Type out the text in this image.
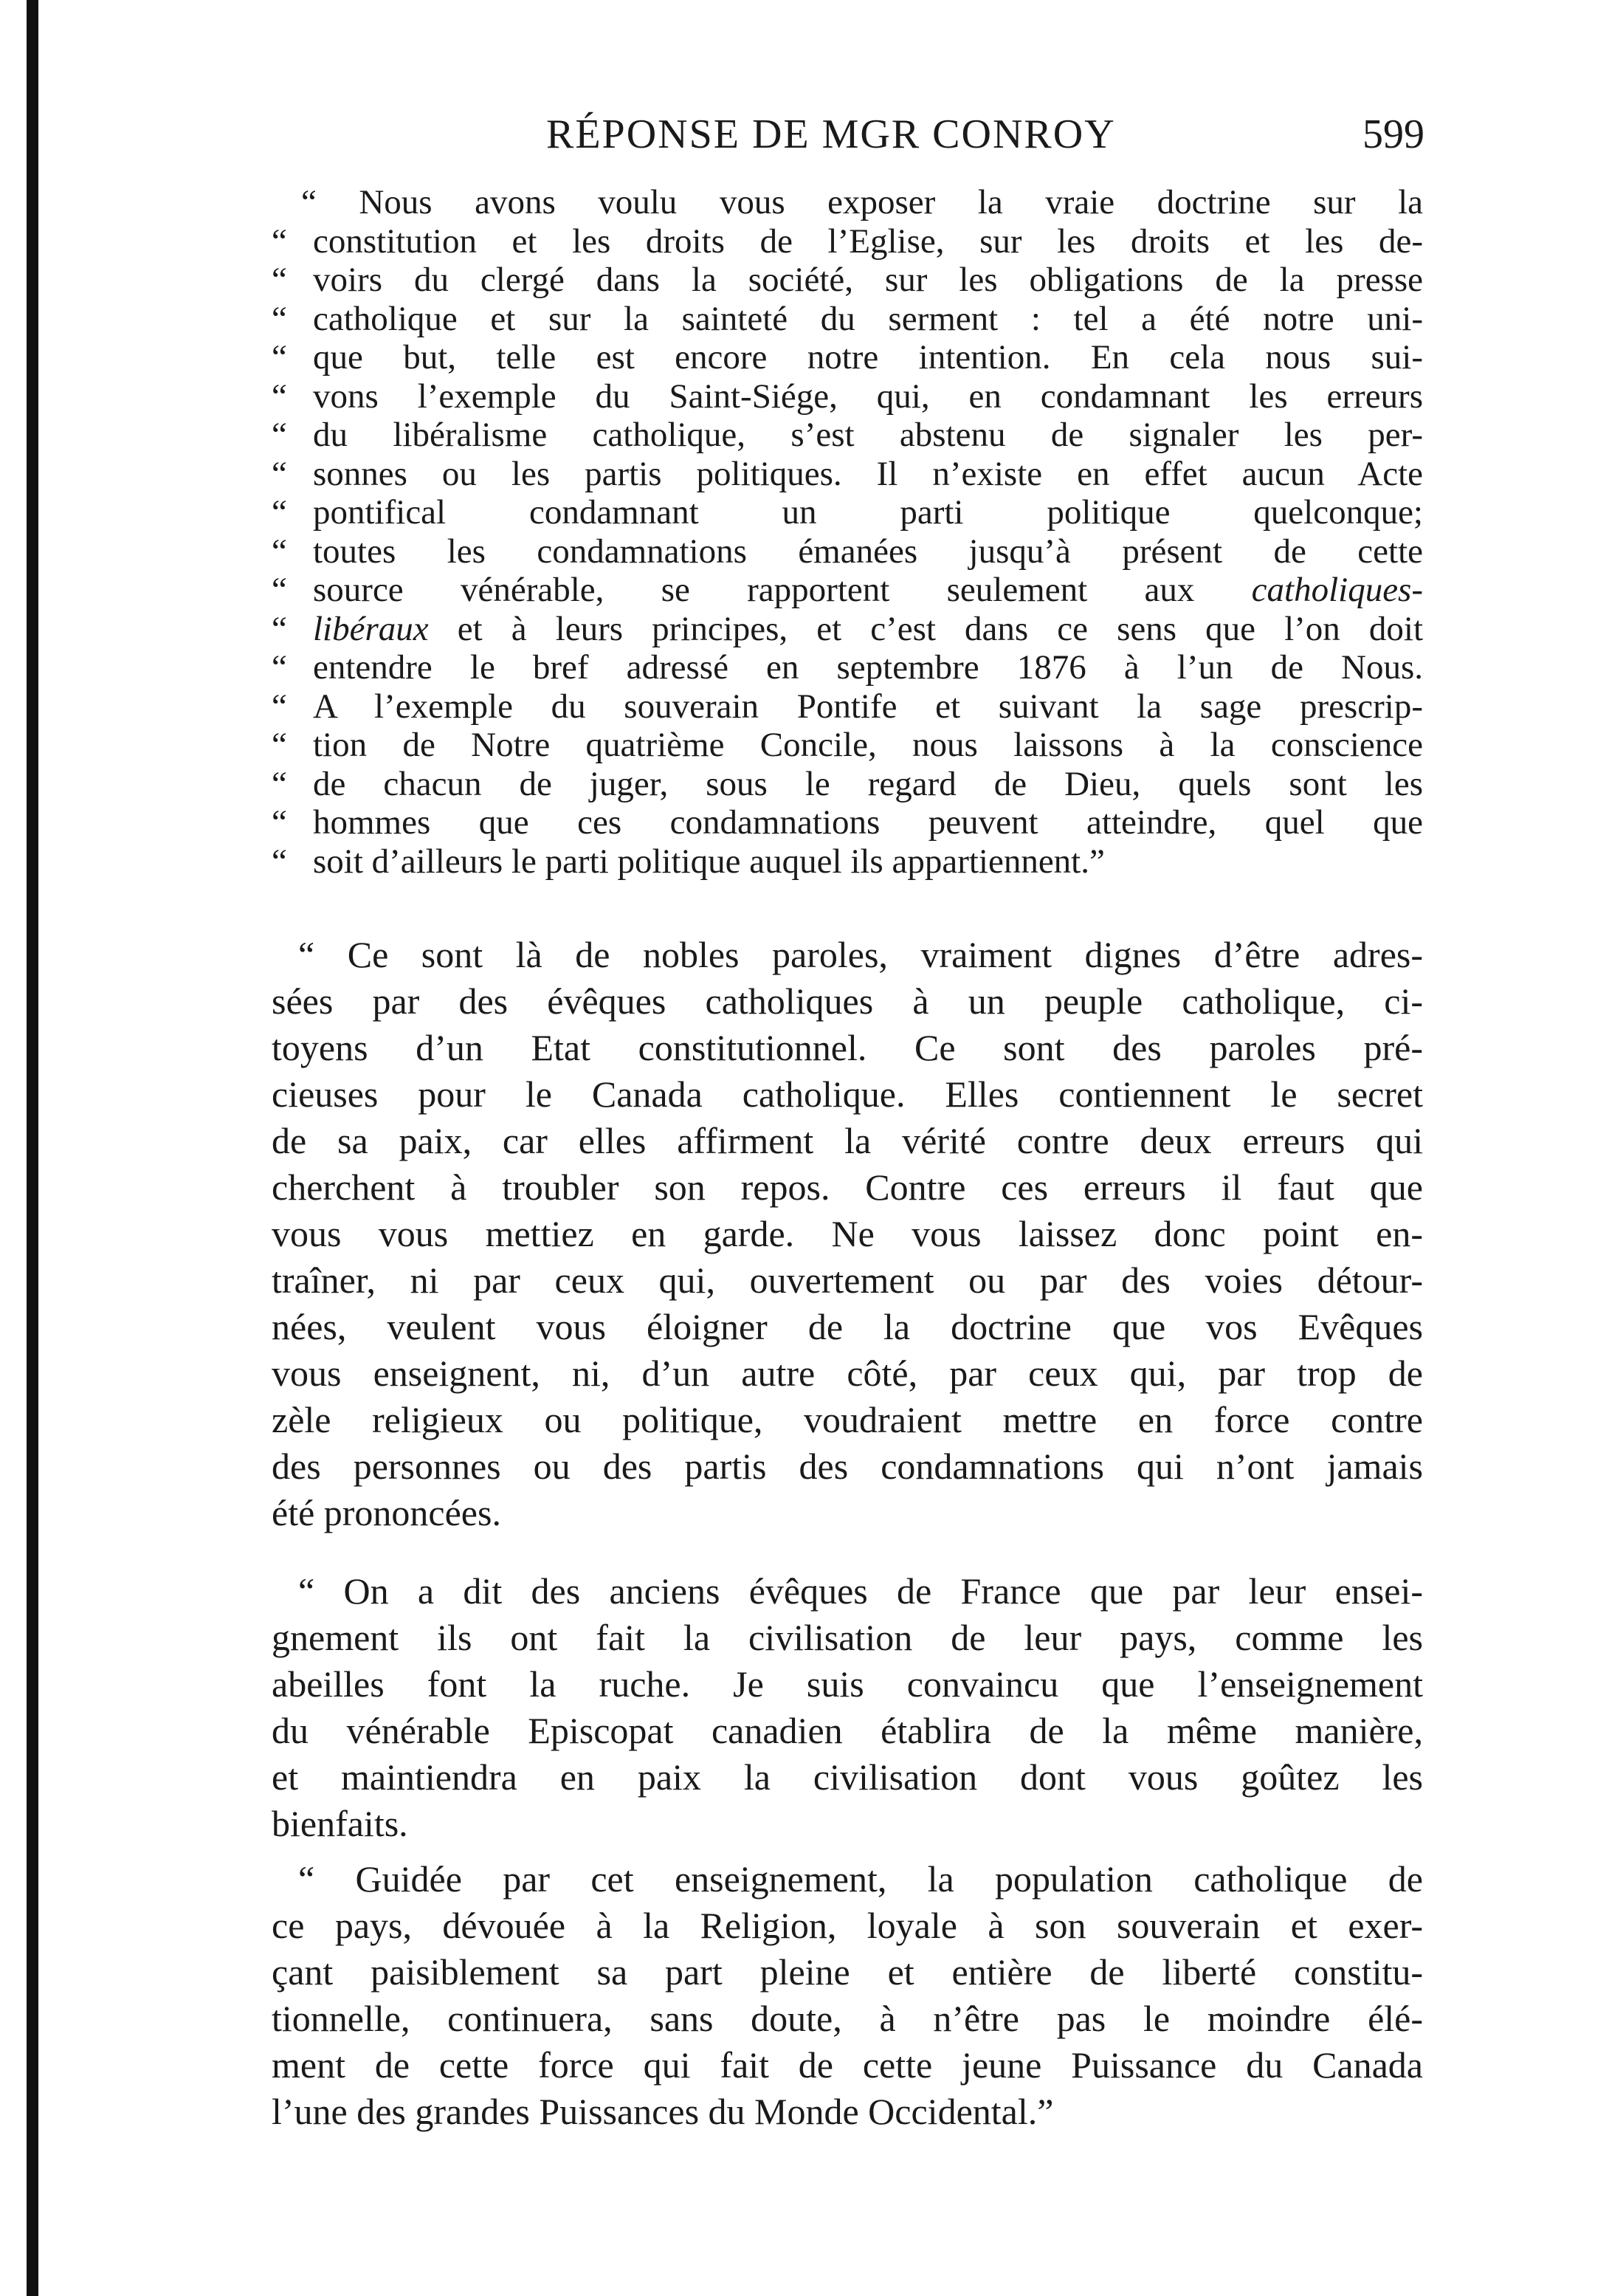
RÉPONSE DE MGR CONROY	599
“ Nous avons voulu vous exposer la vraie doctrine sur la
“ constitution et les droits de l’Eglise, sur les droits et les de-
“ voirs du clergé dans la société, sur les obligations de la presse
“ catholique et sur la sainteté du serment : tel a été notre uni-
“ que but, telle est encore notre intention. En cela nous sui-
“ vons l’exemple du Saint-Siége, qui, en condamnant les erreurs
“ du libéralisme catholique, s’est abstenu de signaler les per-
“ sonnes ou les partis politiques. Il n’existe en effet aucun Acte
“ pontifical condamnant un parti politique quelconque;
“ toutes les condamnations émanées jusqu’à présent de cette
“ source vénérable, se rapportent seulement aux catholiques-
“ libéraux et à leurs principes, et c’est dans ce sens que l’on doit
“ entendre le bref adressé en septembre 1876 à l’un de Nous.
“ A l’exemple du souverain Pontife et suivant la sage prescrip-
“ tion de Notre quatrième Concile, nous laissons à la conscience
“ de chacun de juger, sous le regard de Dieu, quels sont les
“ hommes que ces condamnations peuvent atteindre, quel que
“ soit d’ailleurs le parti politique auquel ils appartiennent.”
“ Ce sont là de nobles paroles, vraiment dignes d’être adres-
sées par des évêques catholiques à un peuple catholique, ci-
toyens d’un Etat constitutionnel. Ce sont des paroles pré-
cieuses pour le Canada catholique. Elles contiennent le secret
de sa paix, car elles affirment la vérité contre deux erreurs qui
cherchent à troubler son repos. Contre ces erreurs il faut que
vous vous mettiez en garde. Ne vous laissez donc point en-
traîner, ni par ceux qui, ouvertement ou par des voies détour-
nées, veulent vous éloigner de la doctrine que vos Evêques
vous enseignent, ni, d’un autre côté, par ceux qui, par trop de
zèle religieux ou politique, voudraient mettre en force contre
des personnes ou des partis des condamnations qui n’ont jamais
été prononcées.
“ On a dit des anciens évêques de France que par leur ensei-
gnement ils ont fait la civilisation de leur pays, comme les
abeilles font la ruche. Je suis convaincu que l’enseignement
du vénérable Episcopat canadien établira de la même manière,
et maintiendra en paix la civilisation dont vous goûtez les
bienfaits.
“ Guidée par cet enseignement, la population catholique de
ce pays, dévouée à la Religion, loyale à son souverain et exer-
çant paisiblement sa part pleine et entière de liberté constitu-
tionnelle, continuera, sans doute, à n’être pas le moindre élé-
ment de cette force qui fait de cette jeune Puissance du Canada
l’une des grandes Puissances du Monde Occidental.”
